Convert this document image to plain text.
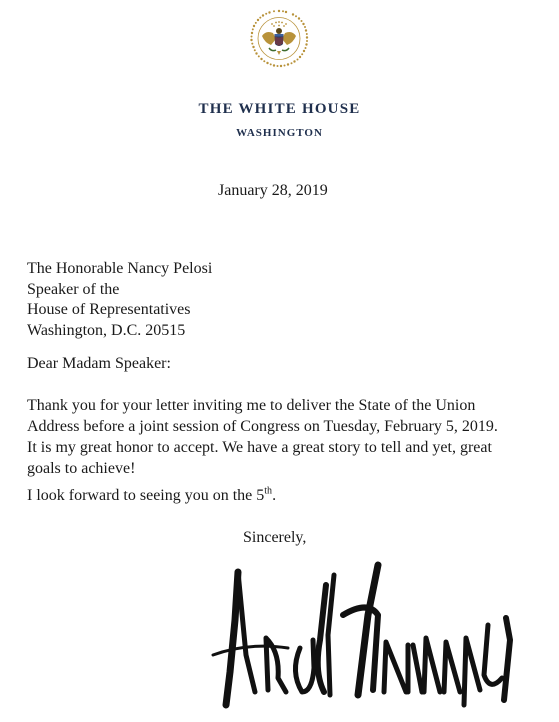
THE WHITE HOUSE
WASHINGTON
January 28, 2019
The Honorable Nancy Pelosi
Speaker of the
House of Representatives
Washington, D.C. 20515
Dear Madam Speaker:
Thank you for your letter inviting me to deliver the State of the Union
Address before a joint session of Congress on Tuesday, February 5, 2019.
It is my great honor to accept. We have a great story to tell and yet, great
goals to achieve!
I look forward to seeing you on the 5th.
Sincerely,
